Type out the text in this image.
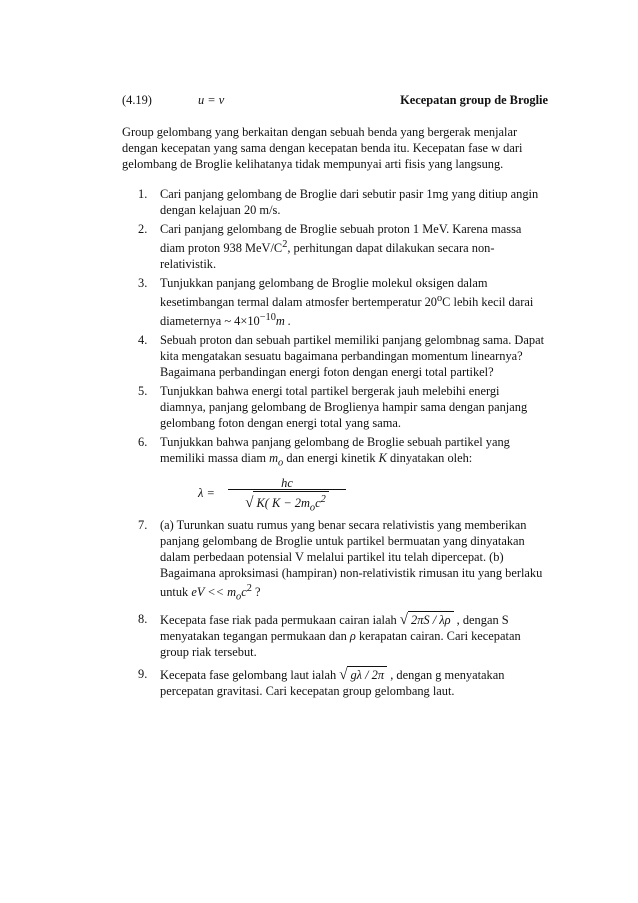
(4.19)	u = v	Kecepatan group de Broglie
Group gelombang yang berkaitan dengan sebuah benda yang bergerak menjalar dengan kecepatan yang sama dengan kecepatan benda itu. Kecepatan fase w dari gelombang de Broglie kelihatanya tidak mempunyai arti fisis yang langsung.
1. Cari panjang gelombang de Broglie dari sebutir pasir 1mg yang ditiup angin dengan kelajuan 20 m/s.
2. Cari panjang gelombang de Broglie sebuah proton 1 MeV. Karena massa diam proton 938 MeV/$C^2$, perhitungan dapat dilakukan secara non-relativistik.
3. Tunjukkan panjang gelombang de Broglie molekul oksigen dalam kesetimbangan termal dalam atmosfer bertemperatur 20$^o$C lebih kecil darai diameternya ~ $4\times 10^{-10}m$ .
4. Sebuah proton dan sebuah partikel memiliki panjang gelombnag sama. Dapat kita mengatakan sesuatu bagaimana perbandingan momentum linearnya? Bagaimana perbandingan energi foton dengan energi total partikel?
5. Tunjukkan bahwa energi total partikel bergerak jauh melebihi energi diamnya, panjang gelombang de Broglienya hampir sama dengan panjang gelombang foton dengan energi total yang sama.
6. Tunjukkan bahwa panjang gelombang de Broglie sebuah partikel yang memiliki massa diam $m_o$ dan energi kinetik K dinyatakan oleh:
λ =
hc
√ K( $K - 2m_oc^2$
7. (a) Turunkan suatu rumus yang benar secara relativistis yang memberikan panjang gelombang de Broglie untuk partikel bermuatan yang dinyatakan dalam perbedaan potensial V melalui partikel itu telah dipercepat. (b) Bagaimana aproksimasi (hampiran) non-relativistik rimusan itu yang berlaku untuk eV << $m_oc^2$ ?
8. Kecepata fase riak pada permukaan cairan ialah √ 2πS / λρ , dengan S menyatakan tegangan permukaan dan ρ kerapatan cairan. Cari kecepatan group riak tersebut.
9. Kecepata fase gelombang laut ialah √ gλ / 2π , dengan g menyatakan percepatan gravitasi. Cari kecepatan group gelombang laut.
